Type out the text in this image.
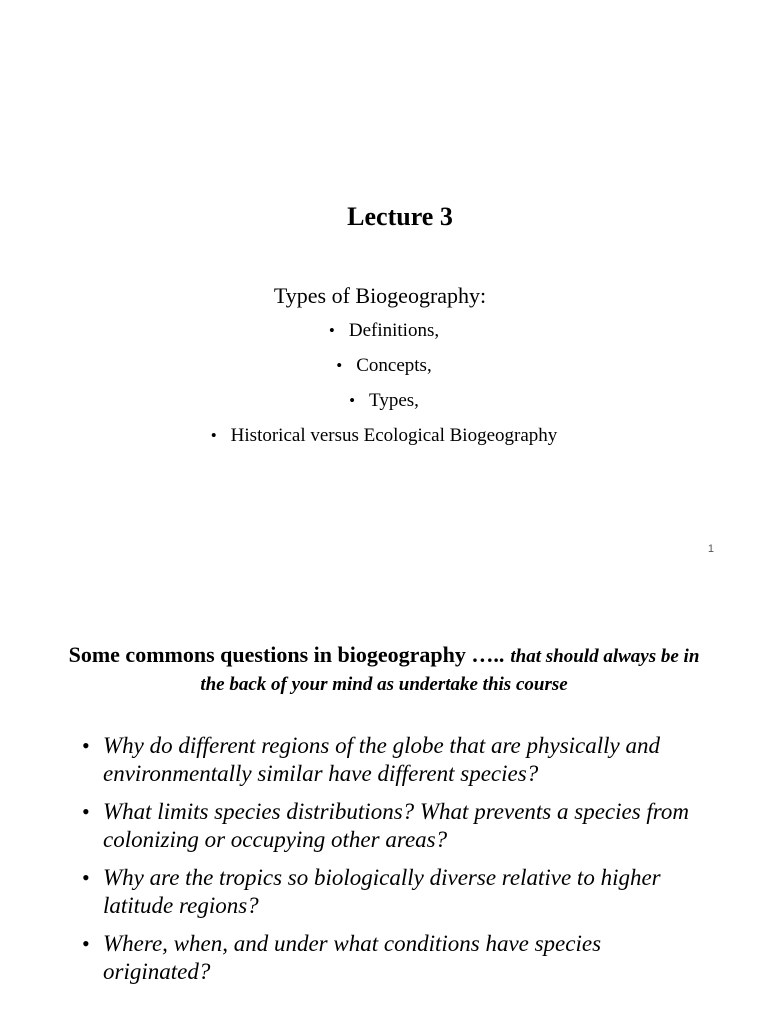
Lecture 3

Types of Biogeography:

• Definitions,
• Concepts,
• Types,
• Historical versus Ecological Biogeography
1
Some commons questions in biogeography ….. that should always be in the back of your mind as undertake this course
• Why do different regions of the globe that are physically and environmentally similar have different species?
• What limits species distributions? What prevents a species from colonizing or occupying other areas?
• Why are the tropics so biologically diverse relative to higher latitude regions?
• Where, when, and under what conditions have species originated?
